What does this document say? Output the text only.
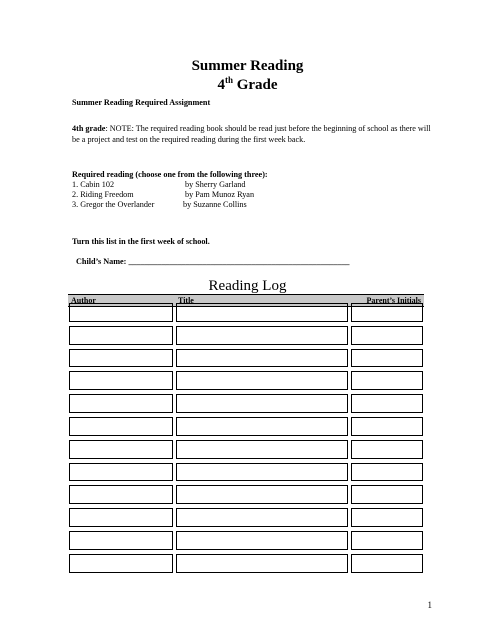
Summer Reading
4th Grade
Summer Reading Required Assignment
4th grade: NOTE: The required reading book should be read just before the beginning of school as there will be a project and test on the required reading during the first week back.
Required reading (choose one from the following three):
1. Cabin 102	by Sherry Garland
2. Riding Freedom	by Pam Munoz Ryan
3. Gregor the Overlander	by Suzanne Collins
Turn this list in the first week of school.
Child’s Name: ______________________________________________________
Reading Log
Author	Title	Parent’s Initials
1
